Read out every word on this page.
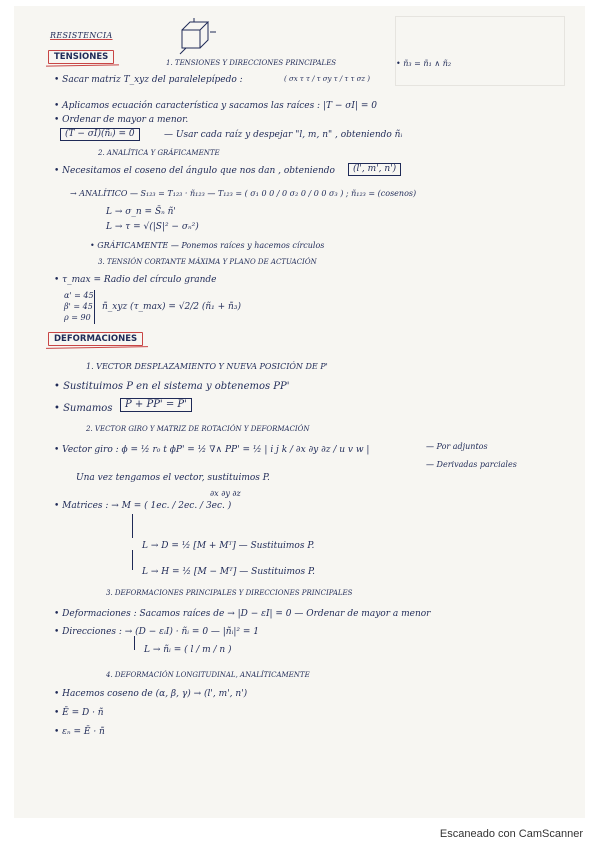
RESISTENCIA
TENSIONES
1. TENSIONES Y DIRECCIONES PRINCIPALES	• ñ₃ = ñ₁ ∧ ñ₂
• Sacar matriz T_xyz del paralelepípedo :	( σx τ τ / τ σy τ / τ τ σz )
• Aplicamos ecuación característica y sacamos las raíces : |T − σI| = 0
• Ordenar de mayor a menor.
(T − σI)(ñᵢ) = 0	— Usar cada raíz y despejar "l, m, n" , obteniendo ñᵢ
2. ANALÍTICA Y GRÁFICAMENTE
• Necesitamos el coseno del ángulo que nos dan , obteniendo	(l', m', n')
→ ANALÍTICO — S₁₂₃ = T₁₂₃ · ñ₁₂₃ — T₁₂₃ = ( σ₁ 0 0 / 0 σ₂ 0 / 0 0 σ₃ ) ; ñ₁₂₃ = (cosenos)
L → σ_n = S̄ₙ ñ'
L → τ = √(|S|² − σₙ²)
• GRÁFICAMENTE — Ponemos raíces y hacemos círculos
3. TENSIÓN CORTANTE MÁXIMA Y PLANO DE ACTUACIÓN
• τ_max = Radio del círculo grande
α' = 45
β' = 45
ρ = 90
ñ_xyz (τ_max) = √2/2 (ñ₁ + ñ₃)
DEFORMACIONES
1. VECTOR DESPLAZAMIENTO Y NUEVA POSICIÓN DE P'
• Sustituimos P en el sistema y obtenemos PP'
• Sumamos	P + PP' = P'
2. VECTOR GIRO Y MATRIZ DE ROTACIÓN Y DEFORMACIÓN
• Vector giro : ϕ = ½ r₀ t ϕP' = ½ ∇∧ PP' = ½ | i j k / ∂x ∂y ∂z / u v w |	— Por adjuntos
— Derivadas parciales
Una vez tengamos el vector, sustituimos P.
∂x ∂y ∂z
• Matrices : → M = ( 1ec. / 2ec. / 3ec. )
L → D = ½ [M + Mᵀ] — Sustituimos P.
L → H = ½ [M − Mᵀ] — Sustituimos P.
3. DEFORMACIONES PRINCIPALES Y DIRECCIONES PRINCIPALES
• Deformaciones : Sacamos raíces de → |D − εI| = 0 — Ordenar de mayor a menor
• Direcciones : → (D − εᵢI) · ñᵢ = 0 — |ñᵢ|² = 1
L → ñᵢ = ( l / m / n )
4. DEFORMACIÓN LONGITUDINAL, ANALÍTICAMENTE
• Hacemos coseno de (α, β, γ) → (l', m', n')
• Ē = D · ñ
• εₙ = Ē · ñ
Escaneado con CamScanner
